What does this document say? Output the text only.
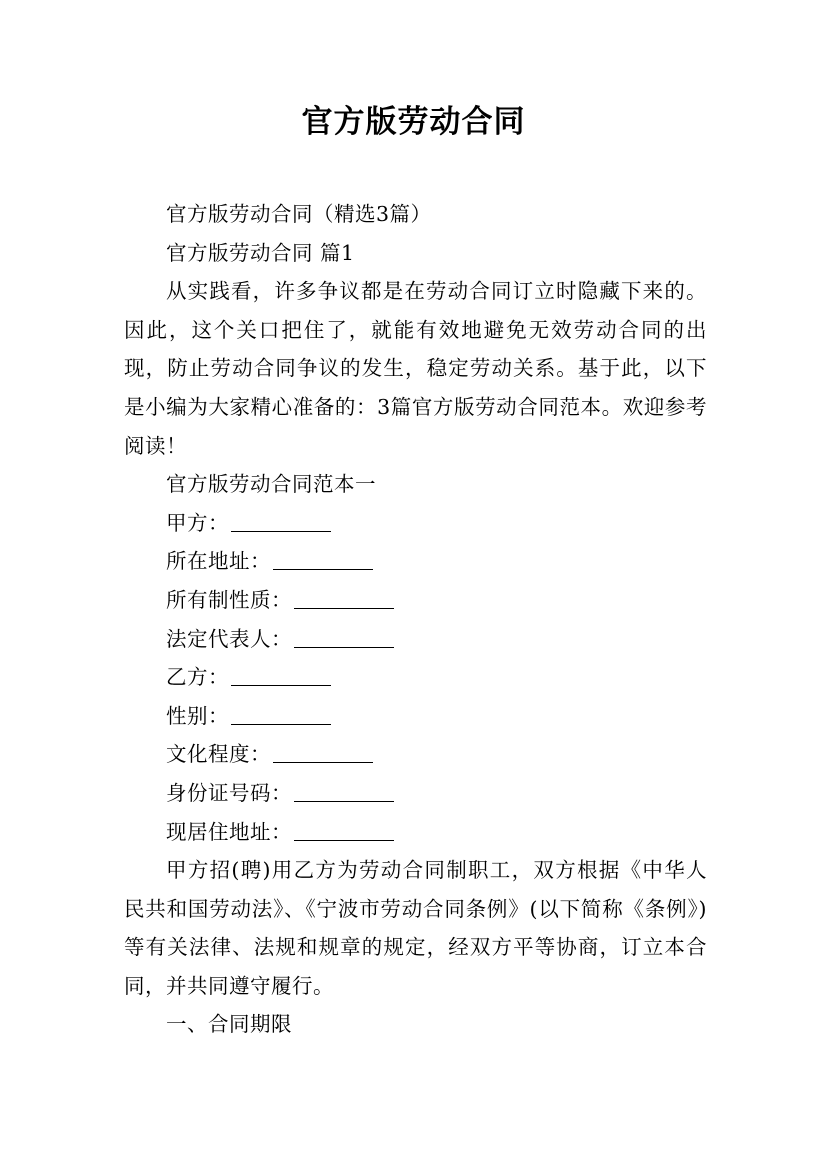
官方版劳动合同

官方版劳动合同（精选3篇）

官方版劳动合同 篇1

从实践看，许多争议都是在劳动合同订立时隐藏下来的。因此，这个关口把住了，就能有效地避免无效劳动合同的出现，防止劳动合同争议的发生，稳定劳动关系。基于此，以下是小编为大家精心准备的：3篇官方版劳动合同范本。欢迎参考阅读！

官方版劳动合同范本一

甲方：

所在地址：

所有制性质：

法定代表人：

乙方：

性别：

文化程度：

身份证号码：

现居住地址：

甲方招(聘)用乙方为劳动合同制职工，双方根据《中华人民共和国劳动法》、《宁波市劳动合同条例》(以下简称《条例》)等有关法律、法规和规章的规定，经双方平等协商，订立本合同，并共同遵守履行。

一、合同期限
